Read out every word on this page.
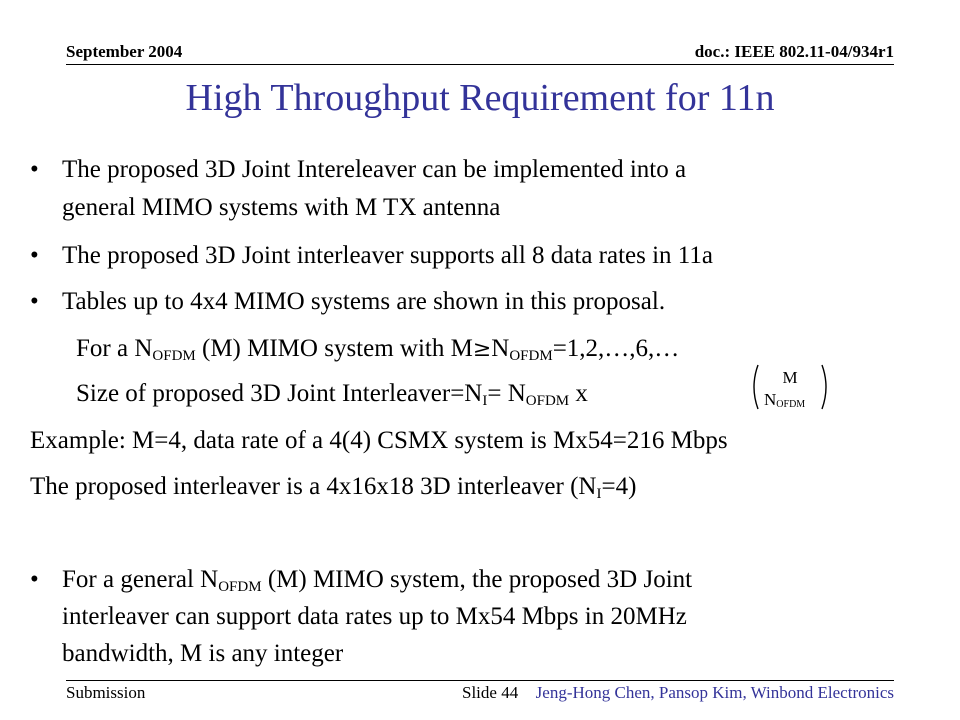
September 2004	doc.: IEEE 802.11-04/934r1
High Throughput Requirement for 11n
• The proposed 3D Joint Intereleaver can be implemented into a
general MIMO systems with M TX antenna
• The proposed 3D Joint interleaver supports all 8 data rates in 11a
• Tables up to 4x4 MIMO systems are shown in this proposal.
For a $N_{OFDM}$ (M) MIMO system with $M\ge N_{OFDM}=1,2,\dots,6,\dots$
Size of proposed 3D Joint $Interleaver=N_I= N_{OFDM}$ x
M
NOFDM
Example: M=4, data rate of a 4(4) CSMX system is Mx54=216 Mbps
The proposed interleaver is a 4x16x18 3D interleaver $(N_I=4)$
• For a general $N_{OFDM}$ (M) MIMO system, the proposed 3D Joint
interleaver can support data rates up to Mx54 Mbps in 20MHz
bandwidth, M is any integer
Submission	Slide 44 Jeng-Hong Chen, Pansop Kim, Winbond Electronics
